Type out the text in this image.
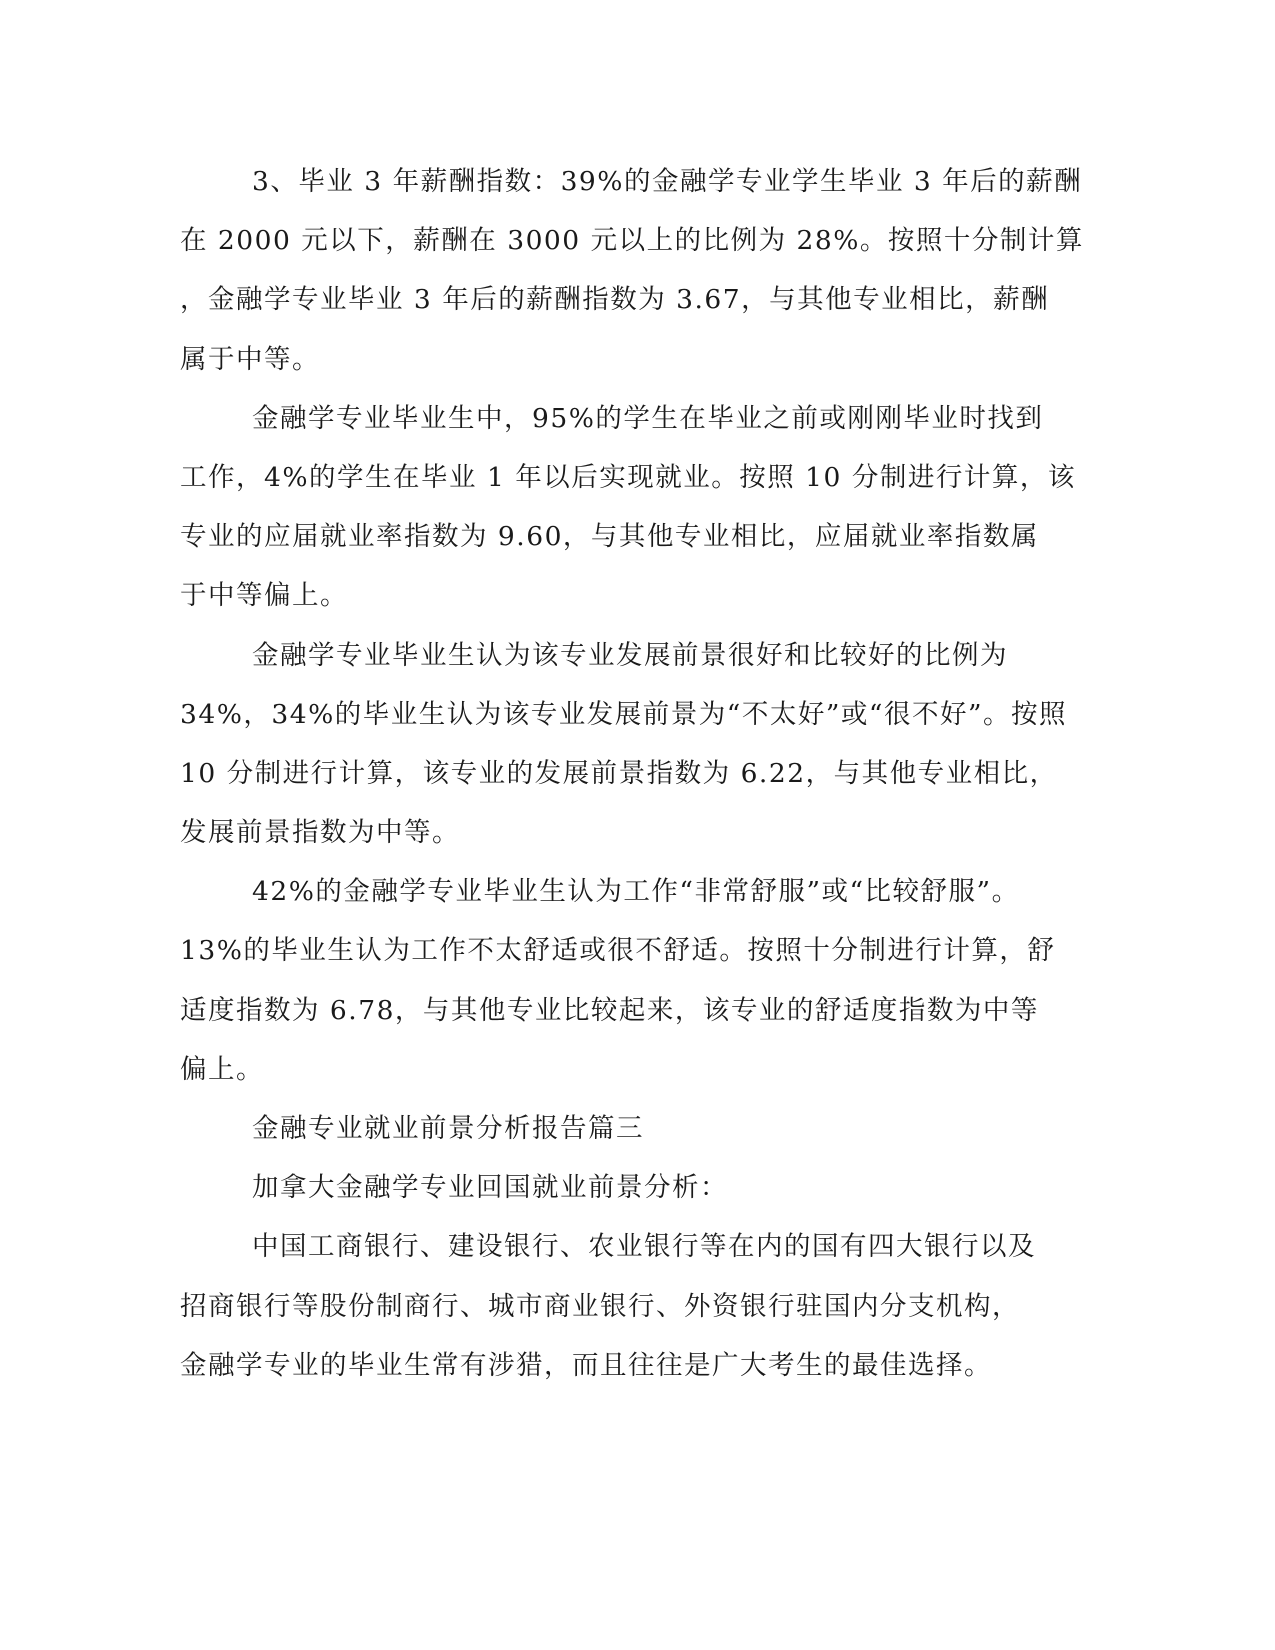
3、毕业 3 年薪酬指数：39%的金融学专业学生毕业 3 年后的薪酬
在 2000 元以下，薪酬在 3000 元以上的比例为 28%。按照十分制计算
，金融学专业毕业 3 年后的薪酬指数为 3.67，与其他专业相比，薪酬
属于中等。
金融学专业毕业生中，95%的学生在毕业之前或刚刚毕业时找到
工作，4%的学生在毕业 1 年以后实现就业。按照 10 分制进行计算，该
专业的应届就业率指数为 9.60，与其他专业相比，应届就业率指数属
于中等偏上。
金融学专业毕业生认为该专业发展前景很好和比较好的比例为
34%，34%的毕业生认为该专业发展前景为“不太好”或“很不好”。按照
10 分制进行计算，该专业的发展前景指数为 6.22，与其他专业相比，
发展前景指数为中等。
42%的金融学专业毕业生认为工作“非常舒服”或“比较舒服”。
13%的毕业生认为工作不太舒适或很不舒适。按照十分制进行计算，舒
适度指数为 6.78，与其他专业比较起来，该专业的舒适度指数为中等
偏上。
金融专业就业前景分析报告篇三
加拿大金融学专业回国就业前景分析：
中国工商银行、建设银行、农业银行等在内的国有四大银行以及
招商银行等股份制商行、城市商业银行、外资银行驻国内分支机构，
金融学专业的毕业生常有涉猎，而且往往是广大考生的最佳选择。
